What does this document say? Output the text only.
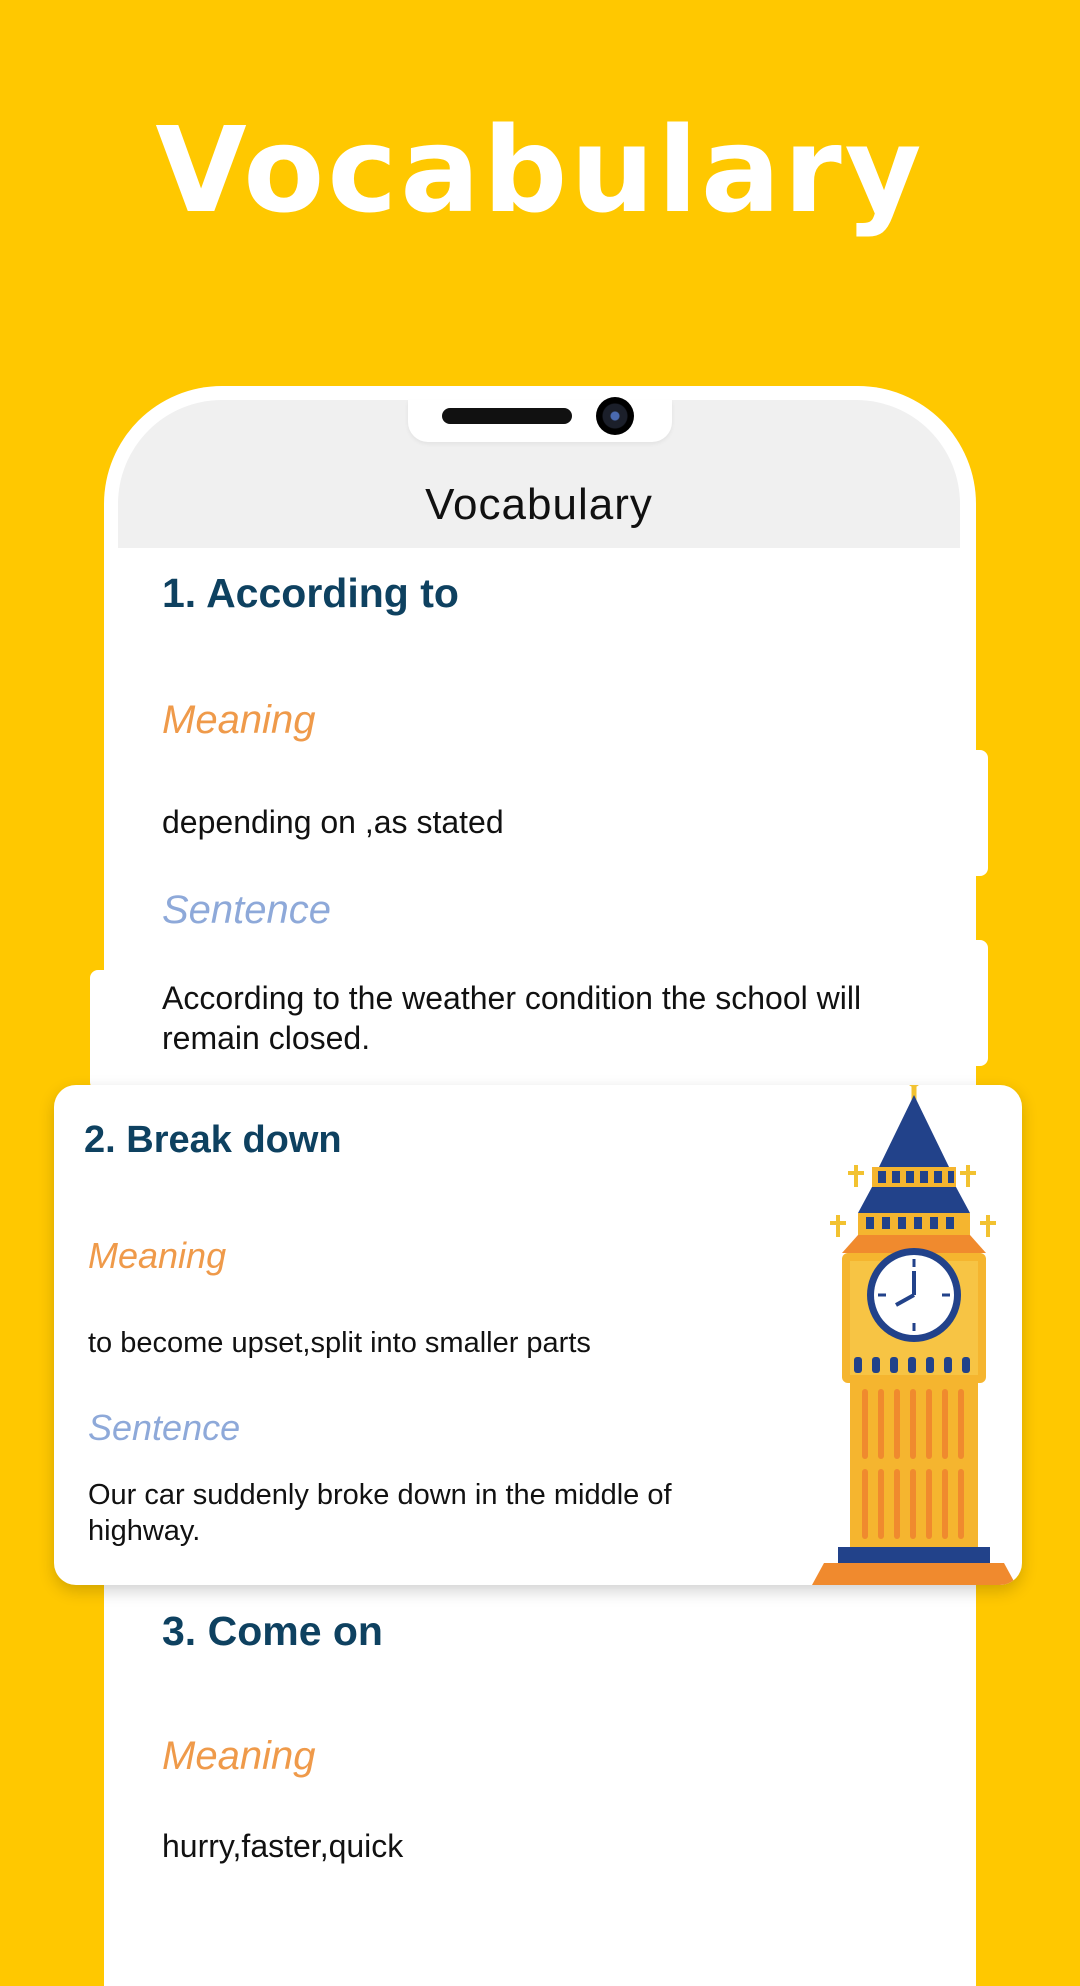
Vocabulary
Vocabulary
1. According to
Meaning
depending on ,as stated
Sentence
According to the weather condition the school will remain closed.
3. Come on
Meaning
hurry,faster,quick
2. Break down
Meaning
to become upset,split into smaller parts
Sentence
Our car suddenly broke down in the middle of highway.
